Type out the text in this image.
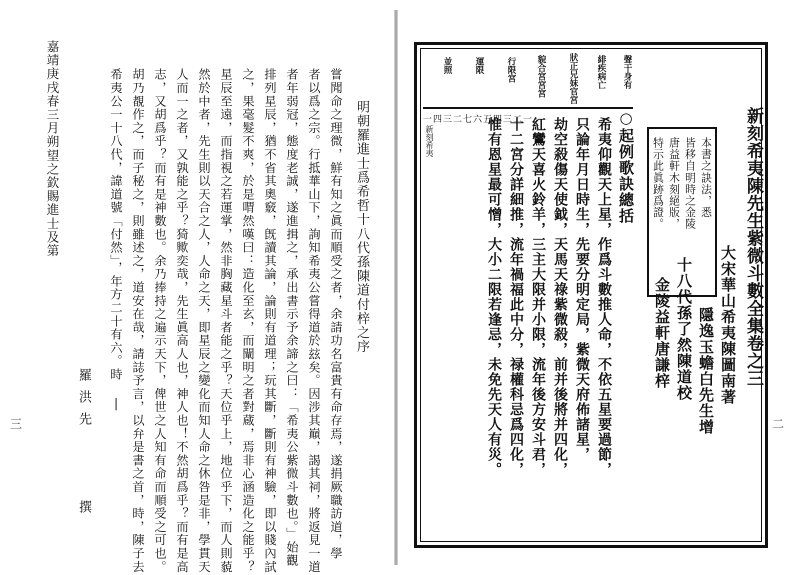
明朝羅進士爲希哲十八代孫陳道付梓之序
嘗聞命之理微，鮮有知之眞而順受之者，余請功名富貴有命存焉，遂捐厥職訪道，學
者以爲之宗。行抵華山下，詢知希夷公嘗得道於玆矣。因涉其巔，謁其祠，將返見一道
者年弱冠，態度老誠，遂進揖之，承出書示予余諦之曰：「希夷公紫微斗數也。」始觀
排列星辰，猶不省其奧竅，旣讀其論，論則有道理；玩其斷，斷則有神驗，即以賤內試
之，果毫髮不爽，於是喟然嘆曰：造化至玄，而闡明之者對蔵，焉非心涵造化之能乎？
星辰至遠，而指視之若運掌，然非胸藏星斗者能之乎？天位乎上，地位乎下，而人則藐
然於中者，先生則以天合之人，人命之天，即星辰之變化而知人命之休咎是非，學貫天
人而一之者，又孰能之乎？猗歟奕哉，先生眞高人也，神人也！不然胡爲乎？而有是高
志，又胡爲乎？而有是神數也。余乃捧持之遍示天下，俾世之人知有命而順受之可也。
胡乃覩作之，而子秘之，則雖述之，道安在哉，請誌予言，以弁是書之首，時，陳子去
希夷公一十八代，諱道號「付然」，年方二十有六。時 |
嘉靖庚戌春三月朔望之欽賜進士及第
羅洪先
撰
三
聲干身有
緋疾病亡
狀正兄妹官宮
貌合宮宮宮
行限宮
運限
並照
一四三二七六五四三二一
新刻希夷	新刻希夷陳先生紫微斗數全集卷之三
本書之訣法，悉
皆移自明時之金陵
唐益軒木刻絕版，
特示此眞跡爲證。
大宋華山希夷陳圖南著
隱逸玉蟾白先生增
十八代孫了然陳道校
金陵益軒唐謙梓
○起例歌訣總括
希夷仰觀天上星，作爲斗數推人命，不依五星要過節，
只論年月日時生，先要分明定局，紫微天府佈諸星，
劫空殺傷天使鉞，天馬天祿紫微殺，前并後將并四化，
紅鸞天喜火鈴羊，三主大限并小限，流年後方安斗君，
十二宮分詳細推，流年禍福此中分，禄權科忌爲四化，
惟有恩星最可憎，大小二限若逢忌，未免先天人有災。	二
